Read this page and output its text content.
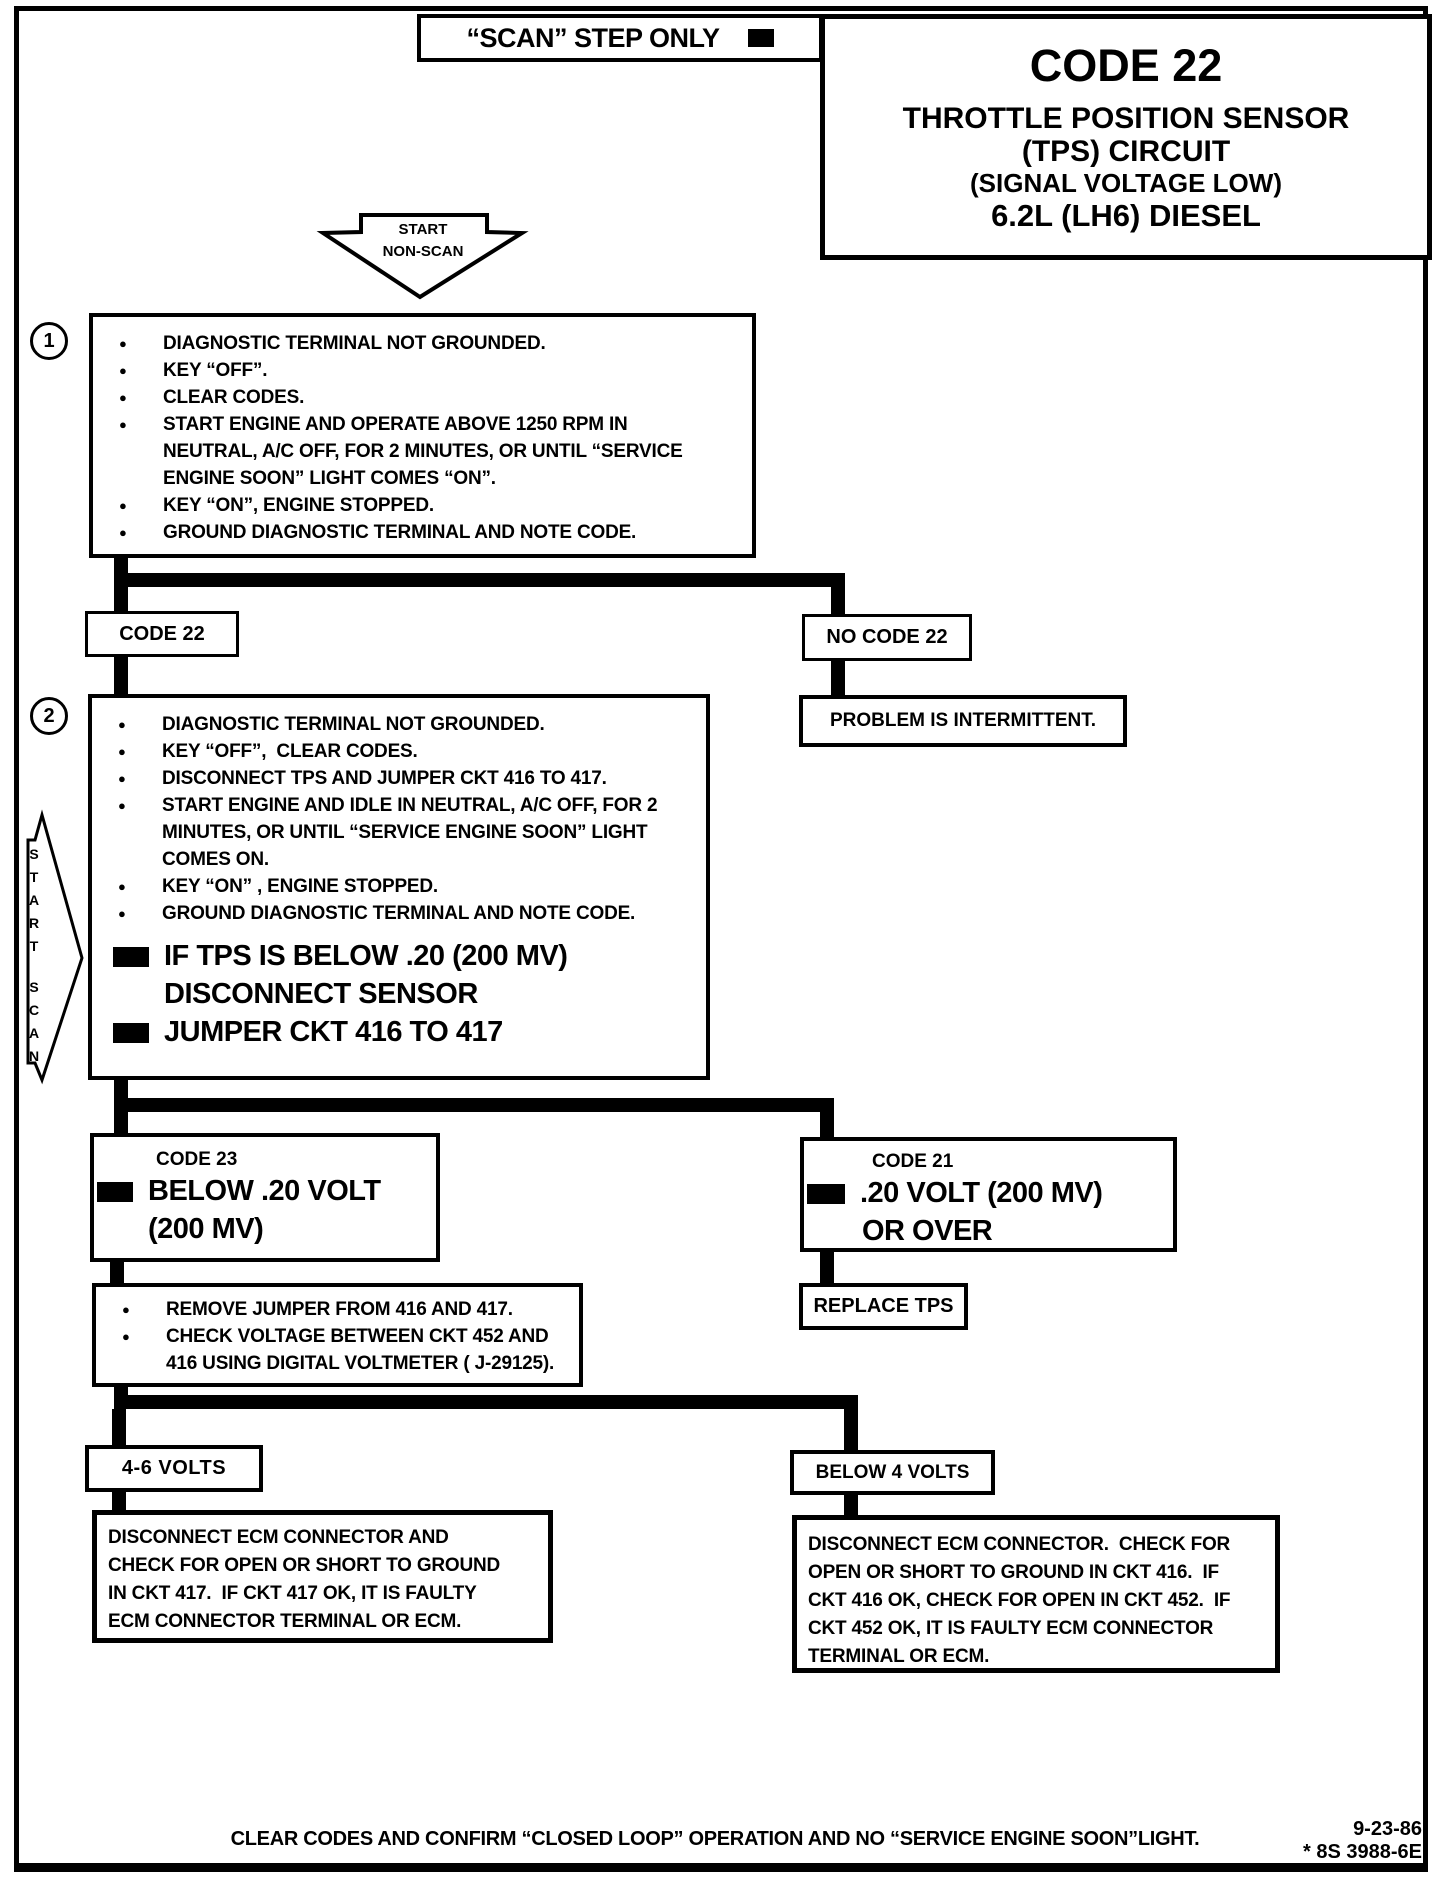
“SCAN” STEP ONLY
CODE 22
THROTTLE POSITION SENSOR
(TPS) CIRCUIT
(SIGNAL VOLTAGE LOW)
6.2L (LH6) DIESEL
START
NON-SCAN
1	●	DIAGNOSTIC TERMINAL NOT GROUNDED.
●	KEY “OFF”.
●	CLEAR CODES.
●	START ENGINE AND OPERATE ABOVE 1250 RPM IN
NEUTRAL, A/C OFF, FOR 2 MINUTES, OR UNTIL “SERVICE
ENGINE SOON” LIGHT COMES “ON”.
●	KEY “ON”, ENGINE STOPPED.
●	GROUND DIAGNOSTIC TERMINAL AND NOTE CODE.
CODE 22	NO CODE 22
PROBLEM IS INTERMITTENT.
START
SCAN
2	●	DIAGNOSTIC TERMINAL NOT GROUNDED.
●	KEY “OFF”,  CLEAR CODES.
●	DISCONNECT TPS AND JUMPER CKT 416 TO 417.
●	START ENGINE AND IDLE IN NEUTRAL, A/C OFF, FOR 2
MINUTES, OR UNTIL “SERVICE ENGINE SOON” LIGHT
COMES ON.
●	KEY “ON” , ENGINE STOPPED.
●	GROUND DIAGNOSTIC TERMINAL AND NOTE CODE.
IF TPS IS BELOW .20 (200 MV)
DISCONNECT SENSOR
JUMPER CKT 416 TO 417
CODE 23
BELOW .20 VOLT
(200 MV)
CODE 21
.20 VOLT (200 MV)
OR OVER
REPLACE TPS
●	REMOVE JUMPER FROM 416 AND 417.
●	CHECK VOLTAGE BETWEEN CKT 452 AND
416 USING DIGITAL VOLTMETER ( J-29125).
4-6 VOLTS	BELOW 4 VOLTS
DISCONNECT ECM CONNECTOR AND
CHECK FOR OPEN OR SHORT TO GROUND
IN CKT 417.  IF CKT 417 OK, IT IS FAULTY
ECM CONNECTOR TERMINAL OR ECM.
DISCONNECT ECM CONNECTOR.  CHECK FOR
OPEN OR SHORT TO GROUND IN CKT 416.  IF
CKT 416 OK, CHECK FOR OPEN IN CKT 452.  IF
CKT 452 OK, IT IS FAULTY ECM CONNECTOR
TERMINAL OR ECM.
CLEAR CODES AND CONFIRM “CLOSED LOOP” OPERATION AND NO “SERVICE ENGINE SOON”LIGHT.	9-23-86
* 8S 3988-6E
